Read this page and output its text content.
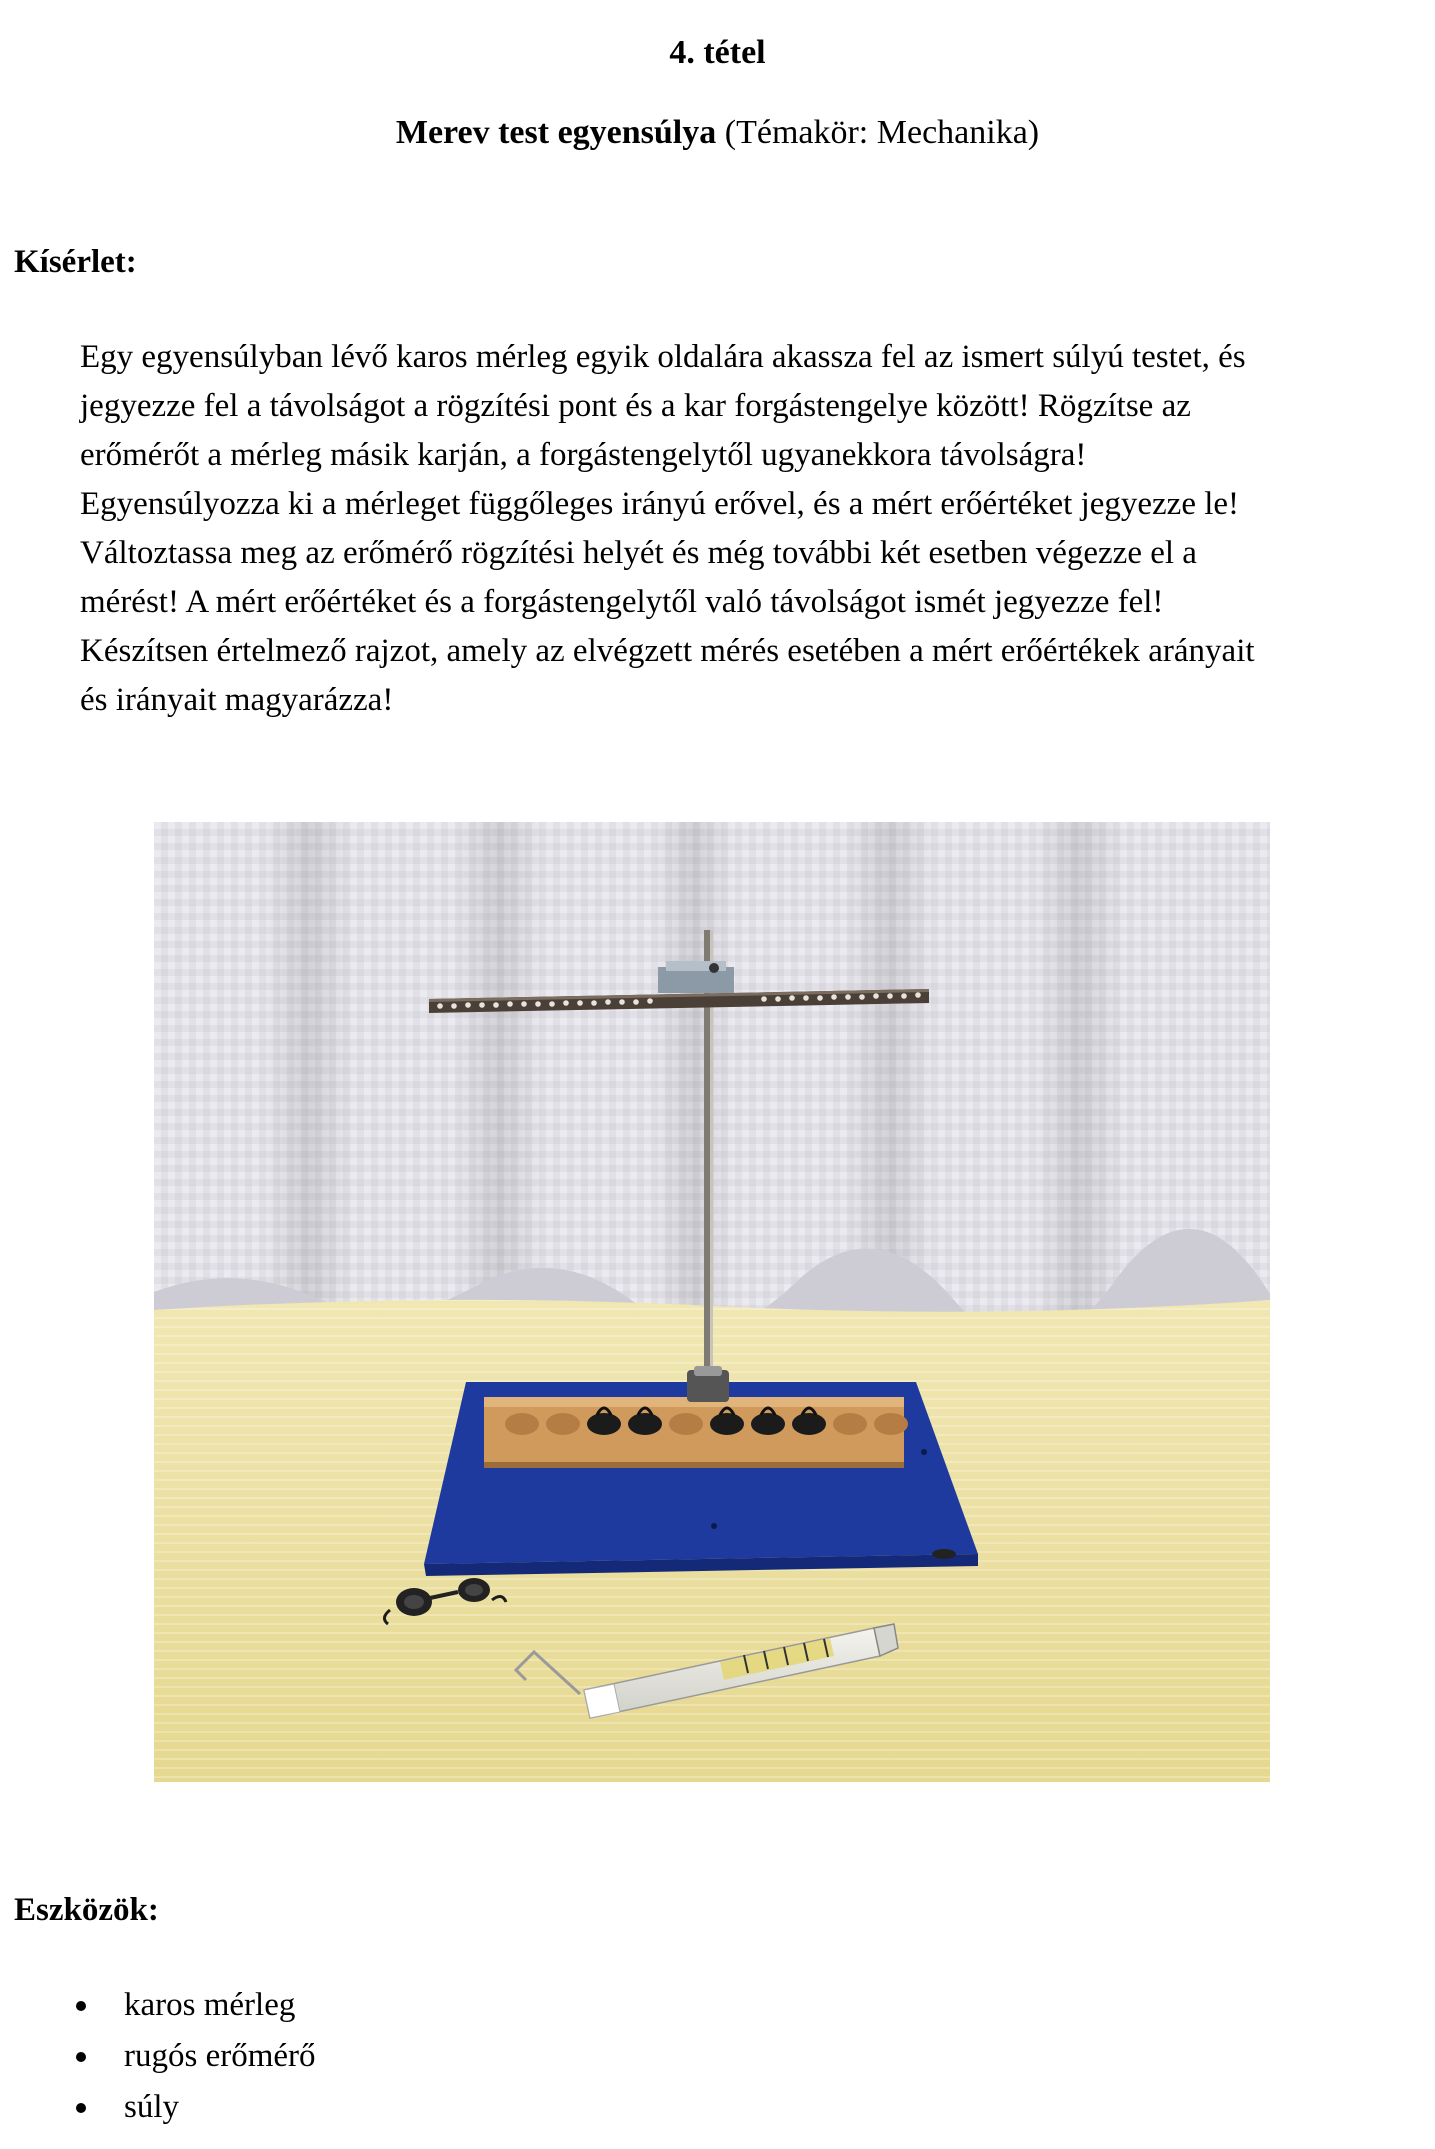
4. tétel
Merev test egyensúlya (Témakör: Mechanika)
Kísérlet:
Egy egyensúlyban lévő karos mérleg egyik oldalára akassza fel az ismert súlyú testet, és
jegyezze fel a távolságot a rögzítési pont és a kar forgástengelye között! Rögzítse az
erőmérőt a mérleg másik karján, a forgástengelytől ugyanekkora távolságra!
Egyensúlyozza ki a mérleget függőleges irányú erővel, és a mért erőértéket jegyezze le!
Változtassa meg az erőmérő rögzítési helyét és még további két esetben végezze el a
mérést! A mért erőértéket és a forgástengelytől való távolságot ismét jegyezze fel!
Készítsen értelmező rajzot, amely az elvégzett mérés esetében a mért erőértékek arányait
és irányait magyarázza!
Eszközök:
karos mérleg
rugós erőmérő
súly
